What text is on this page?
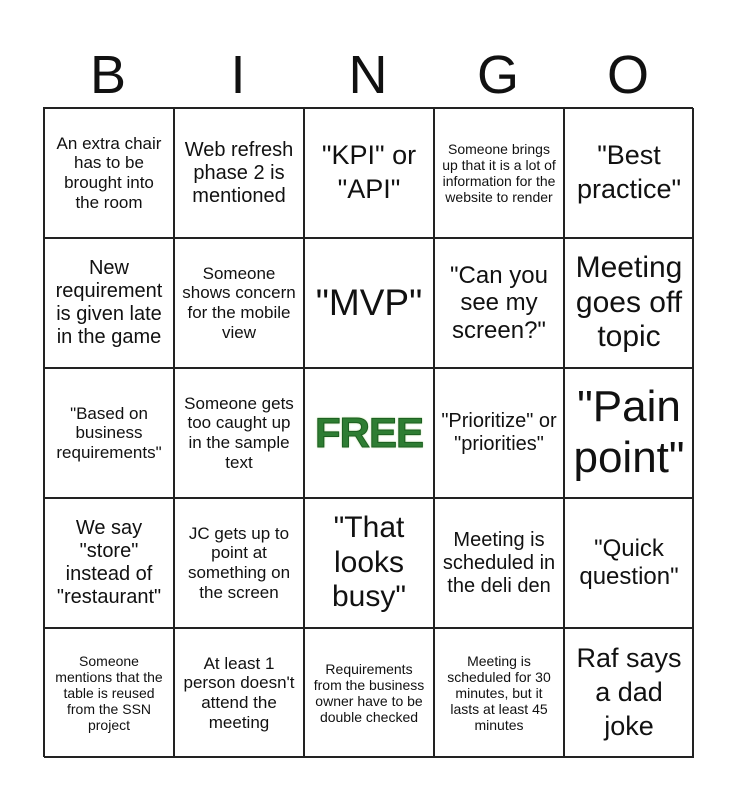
B	I	N	G	O
An extra chair has to be brought into the room
Web refresh phase 2 is mentioned
"KPI" or "API"
Someone brings up that it is a lot of information for the website to render
"Best practice"
New requirement is given late in the game
Someone shows concern for the mobile view
"MVP"
"Can you see my screen?"
Meeting goes off topic
"Based on business requirements"
Someone gets too caught up in the sample text
FREE "Prioritize" or "priorities"
"Pain point"
We say "store" instead of "restaurant"
JC gets up to point at something on the screen
"That looks busy"
Meeting is scheduled in the deli den
"Quick question"
Someone mentions that the table is reused from the SSN project
At least 1 person doesn't attend the meeting
Requirements from the business owner have to be double checked
Meeting is scheduled for 30 minutes, but it lasts at least 45 minutes
Raf says a dad joke
